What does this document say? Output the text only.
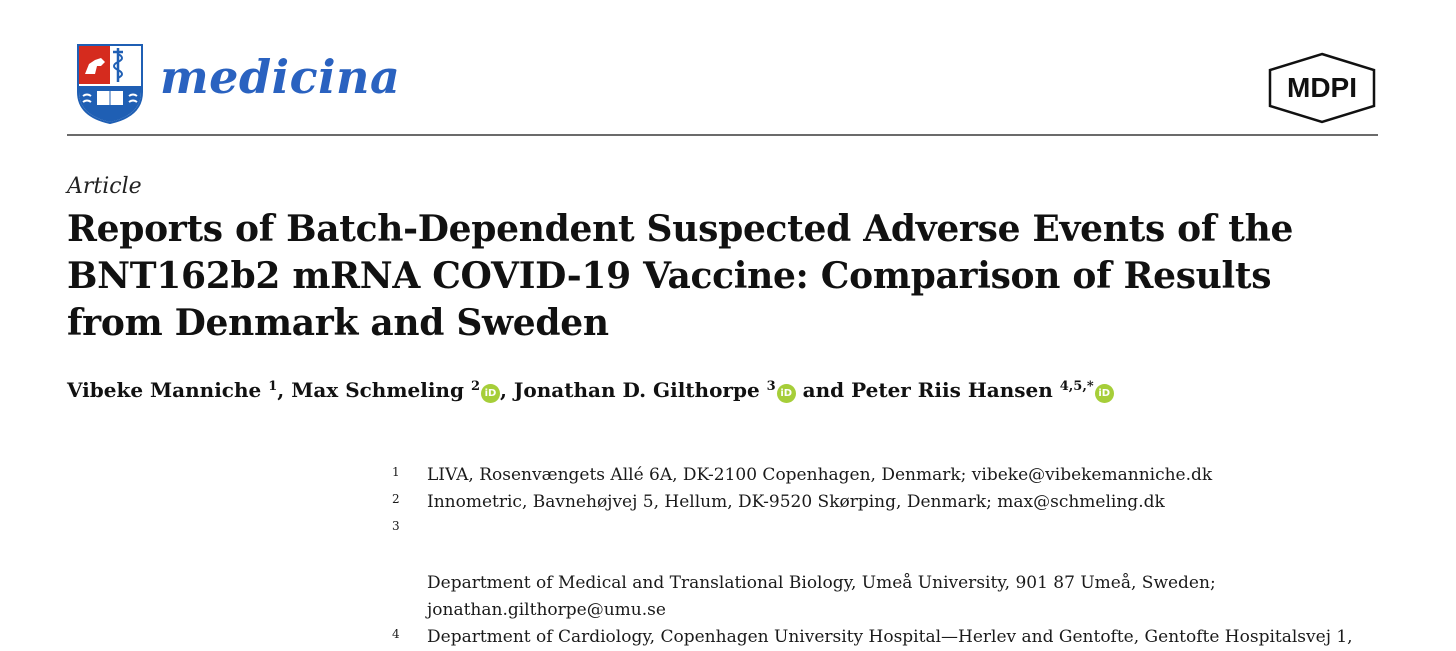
medicina	MDPI
Article
Reports of Batch-Dependent Suspected Adverse Events of the
BNT162b2 mRNA COVID-19 Vaccine: Comparison of Results
from Denmark and Sweden
Vibeke Manniche $^1$, Max Schmeling $^2$ iD , Jonathan D. Gilthorpe $^3$ iD and Peter Riis Hansen $^{4,5,*}$ iD
1 LIVA, Rosenvængets Allé 6A, DK-2100 Copenhagen, Denmark; vibeke@vibekemanniche.dk
2 Innometric, Bavnehøjvej 5, Hellum, DK-9520 Skørping, Denmark; max@schmeling.dk

3

Department of Medical and Translational Biology, Umeå University, 901 87 Umeå, Sweden;
jonathan.gilthorpe@umu.se

4 Department of Cardiology, Copenhagen University Hospital—Herlev and Gentofte, Gentofte Hospitalsvej 1,
